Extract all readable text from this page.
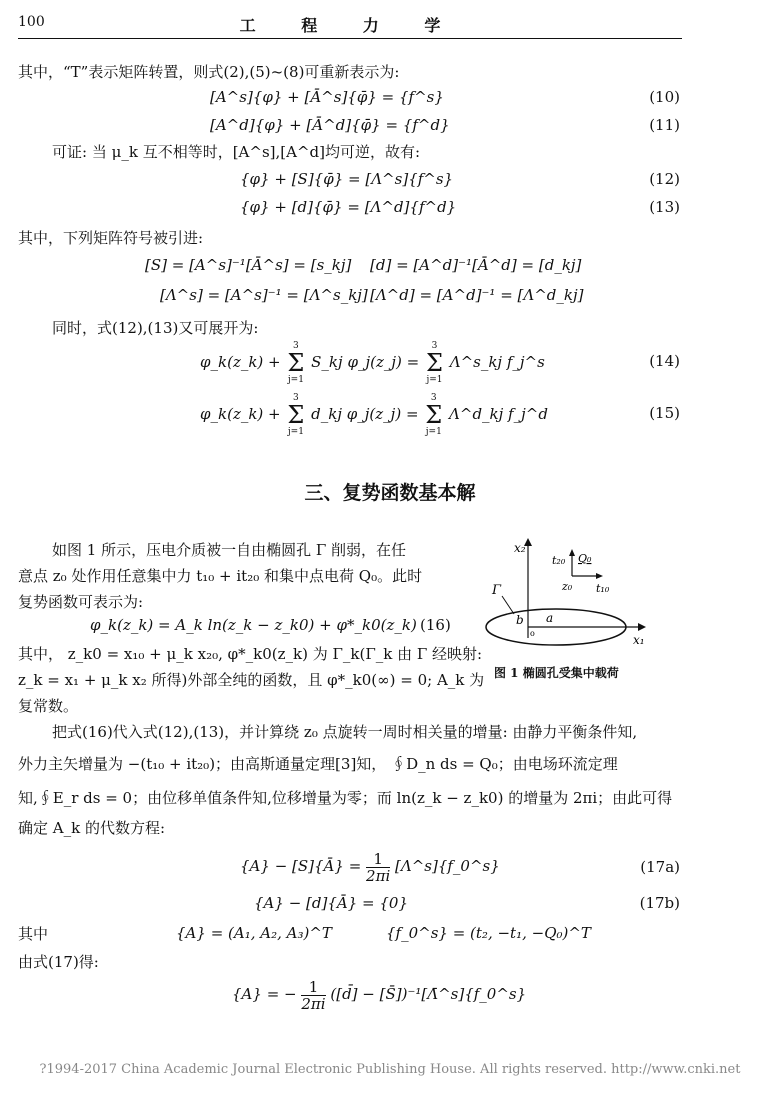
100	工 程 力 学
其中，“T”表示矩阵转置，则式(2),(5)~(8)可重新表示为:
[A^s]{φ} + [Ā^s]{φ̄} = {f^s}	(10)
[A^d]{φ} + [Ā^d]{φ̄} = {f^d}	(11)
可证: 当 μ_k 互不相等时，[A^s],[A^d]均可逆，故有:
{φ} + [S]{φ̄} = [Λ^s]{f^s}	(12)
{φ} + [d]{φ̄} = [Λ^d]{f^d}	(13)
其中，下列矩阵符号被引进:
[S] = [A^s]⁻¹[Ā^s] = [s_kj] [d] = [A^d]⁻¹[Ā^d] = [d_kj]
[Λ^s] = [A^s]⁻¹ = [Λ^s_kj] [Λ^d] = [A^d]⁻¹ = [Λ^d_kj]
同时，式(12),(13)又可展开为:
φ_k(z_k) +
3
Σ
j=1
S_kj φ_j(z_j) =
3
Σ
j=1
Λ^s_kj f_j^s	(14)
φ_k(z_k) +
3
Σ
j=1
d_kj φ_j(z_j) =
3
Σ
j=1
Λ^d_kj f_j^d	(15)
三、复势函数基本解
如图 1 所示，压电介质被一自由椭圆孔 Γ 削弱，在任
意点 z₀ 处作用任意集中力 t₁₀ + it₂₀ 和集中点电荷 Q₀。此时
复势函数可表示为:
φ_k(z_k) = A_k ln(z_k − z_k0) + φ*_k0(z_k) (16)
其中， z_k0 = x₁₀ + μ_k x₂₀, φ*_k0(z_k) 为 Γ_k(Γ_k 由 Γ 经映射:
z_k = x₁ + μ_k x₂ 所得)外部全纯的函数，且 φ*_k0(∞) = 0; A_k 为
复常数。
x₂
t₂₀ Q₀
z₀ t₁₀
Γ
b a
o	x₁
图 1 椭圆孔受集中载荷
把式(16)代入式(12),(13)，并计算绕 z₀ 点旋转一周时相关量的增量: 由静力平衡条件知,
外力主矢增量为 −(t₁₀ + it₂₀)；由高斯通量定理[3]知， ∮D_n ds = Q₀；由电场环流定理
知,∮E_r ds = 0；由位移单值条件知,位移增量为零；而 ln(z_k − z_k0) 的增量为 2πi；由此可得
确定 A_k 的代数方程:
{A} − [S]{Ā} = $\frac{1}{2\pi i}$ [Λ^s]{f_0^s}	(17a)
{A} − [d]{Ā} = {0}	(17b)
其中	{A} = (A₁, A₂, A₃)^T	{f_0^s} = (t₂, −t₁, −Q₀)^T
由式(17)得:
{A} = − $\frac{1}{2\pi i}$ ([d̄] − [S̄])⁻¹[Λ̄^s]{f_0^s}
?1994-2017 China Academic Journal Electronic Publishing House. All rights reserved. http://www.cnki.net
